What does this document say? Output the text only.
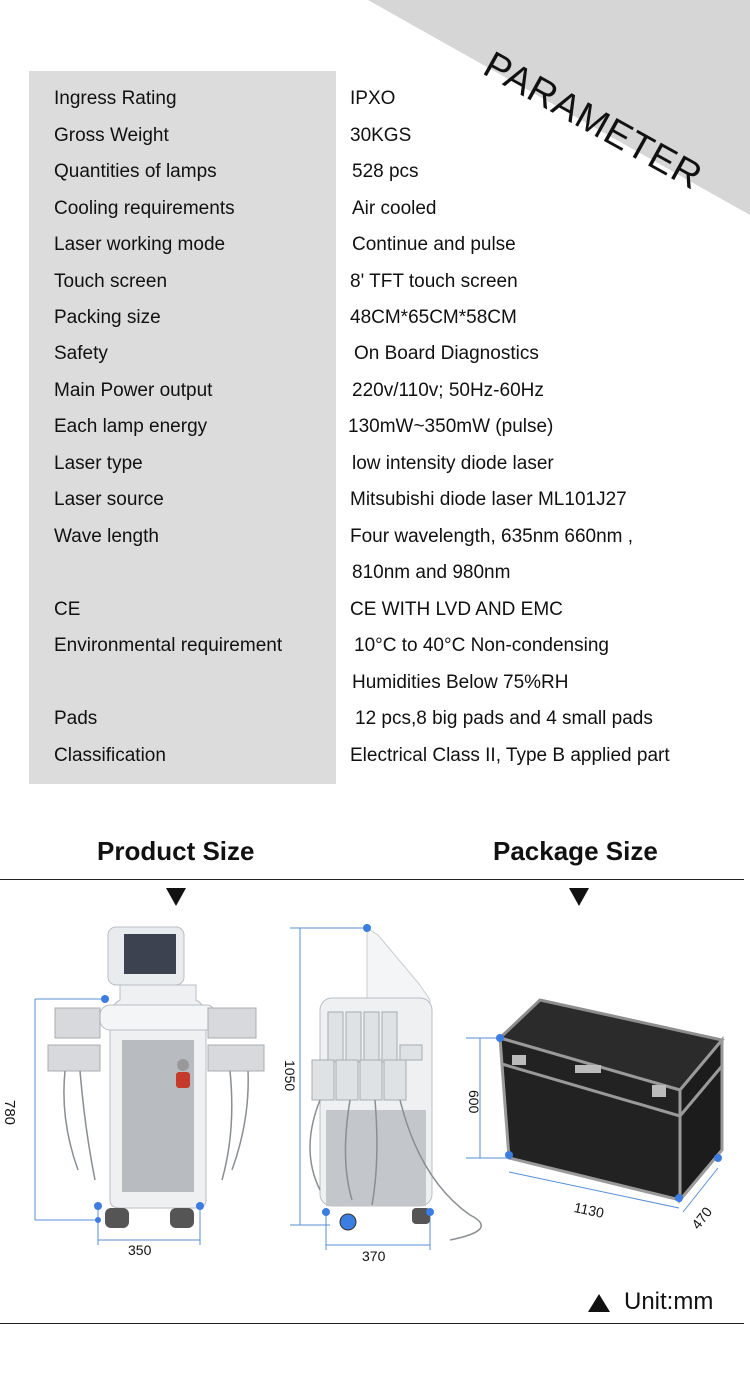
PARAMETER
Ingress Rating	IPXO
Gross Weight	30KGS
Quantities of lamps	528 pcs
Cooling requirements	Air cooled
Laser working mode	Continue and pulse
Touch screen	8' TFT touch screen
Packing size	48CM*65CM*58CM
Safety	On Board Diagnostics
Main Power output	220v/110v; 50Hz-60Hz
Each lamp energy	130mW~350mW (pulse)
Laser type	low intensity diode laser
Laser source	Mitsubishi diode laser ML101J27
Wave length	Four wavelength, 635nm 660nm ,
810nm and 980nm
CE	CE WITH LVD AND EMC
Environmental requirement	10°C to 40°C Non-condensing
Humidities Below 75%RH
Pads	12 pcs,8 big pads and 4 small pads
Classification	Electrical Class II, Type B applied part
Product Size	Package Size
780
350
1050
370
600
1130	470
Unit:mm
